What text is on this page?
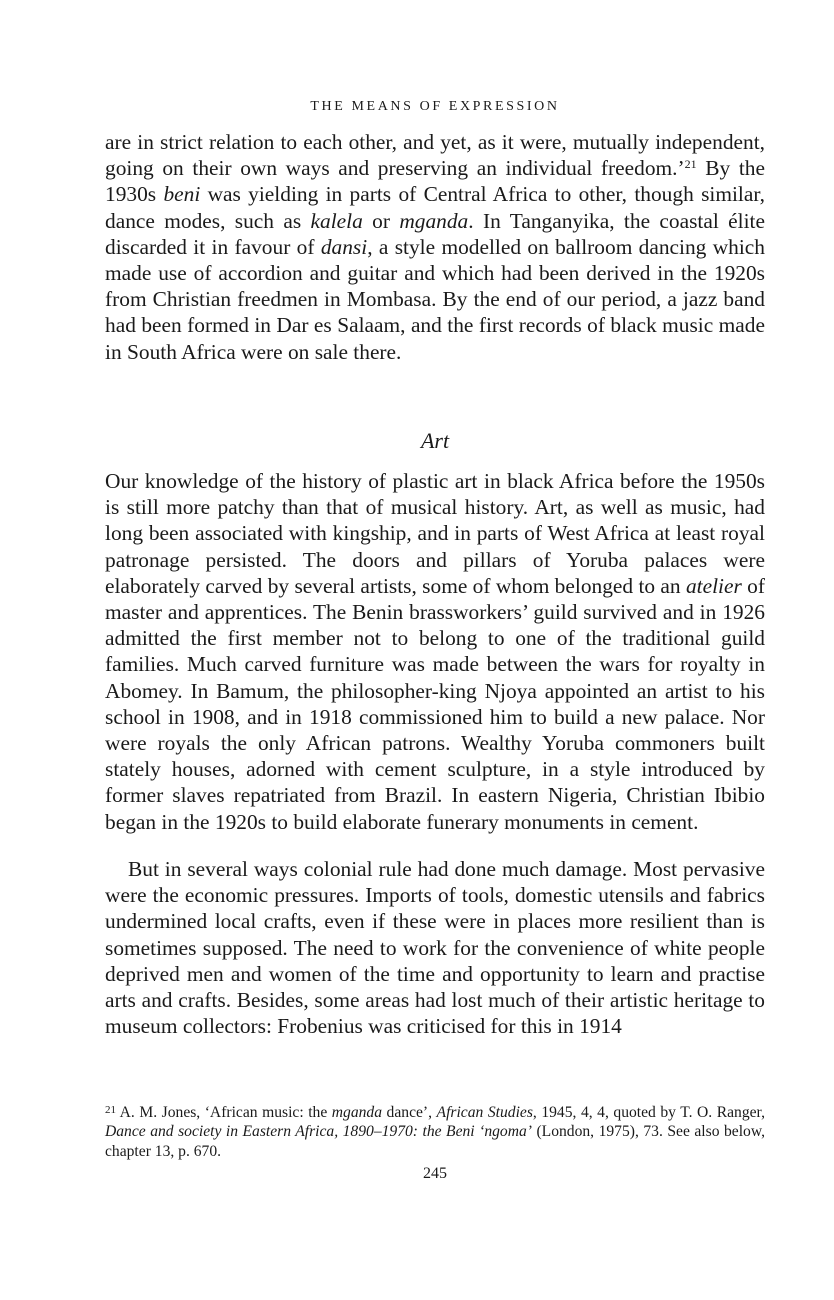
THE MEANS OF EXPRESSION

are in strict relation to each other, and yet, as it were, mutually independent, going on their own ways and preserving an individual freedom.’$^{21}$ By the 1930s beni was yielding in parts of Central Africa to other, though similar, dance modes, such as kalela or mganda. In Tanganyika, the coastal élite discarded it in favour of dansi, a style modelled on ballroom dancing which made use of accordion and guitar and which had been derived in the 1920s from Christian freedmen in Mombasa. By the end of our period, a jazz band had been formed in Dar es Salaam, and the first records of black music made in South Africa were on sale there.

Art

Our knowledge of the history of plastic art in black Africa before the 1950s is still more patchy than that of musical history. Art, as well as music, had long been associated with kingship, and in parts of West Africa at least royal patronage persisted. The doors and pillars of Yoruba palaces were elaborately carved by several artists, some of whom belonged to an atelier of master and apprentices. The Benin brassworkers’ guild survived and in 1926 admitted the first member not to belong to one of the traditional guild families. Much carved furniture was made between the wars for royalty in Abomey. In Bamum, the philosopher-king Njoya appointed an artist to his school in 1908, and in 1918 commissioned him to build a new palace. Nor were royals the only African patrons. Wealthy Yoruba commoners built stately houses, adorned with cement sculpture, in a style introduced by former slaves repatriated from Brazil. In eastern Nigeria, Christian Ibibio began in the 1920s to build elaborate funerary monuments in cement.

But in several ways colonial rule had done much damage. Most pervasive were the economic pressures. Imports of tools, domestic utensils and fabrics undermined local crafts, even if these were in places more resilient than is sometimes supposed. The need to work for the convenience of white people deprived men and women of the time and opportunity to learn and practise arts and crafts. Besides, some areas had lost much of their artistic heritage to museum collectors: Frobenius was criticised for this in 1914

$^{21}$ A. M. Jones, ‘African music: the mganda dance’, African Studies, 1945, 4, 4, quoted by T. O. Ranger, Dance and society in Eastern Africa, 1890–1970: the Beni ‘ngoma’ (London, 1975), 73. See also below, chapter 13, p. 670.
245
